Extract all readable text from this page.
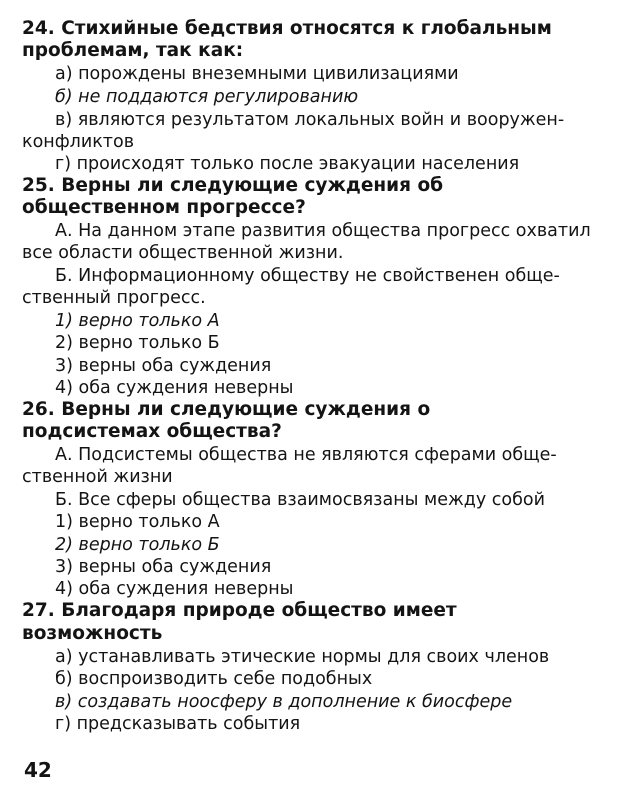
24. Стихийные бедствия относятся к глобальным
проблемам, так как:
а) порождены внеземными цивилизациями
б) не поддаются регулированию
в) являются результатом локальных войн и вооружен-
конфликтов
г) происходят только после эвакуации населения
25. Верны ли следующие суждения об
общественном прогрессе?
А. На данном этапе развития общества прогресс охватил
все области общественной жизни.
Б. Информационному обществу не свойственен обще-
ственный прогресс.
1) верно только А
2) верно только Б
3) верны оба суждения
4) оба суждения неверны
26. Верны ли следующие суждения о
подсистемах общества?
А. Подсистемы общества не являются сферами обще-
ственной жизни
Б. Все сферы общества взаимосвязаны между собой
1) верно только А
2) верно только Б
3) верны оба суждения
4) оба суждения неверны
27. Благодаря природе общество имеет
возможность
а) устанавливать этические нормы для своих членов
б) воспроизводить себе подобных
в) создавать ноосферу в дополнение к биосфере
г) предсказывать события
42
